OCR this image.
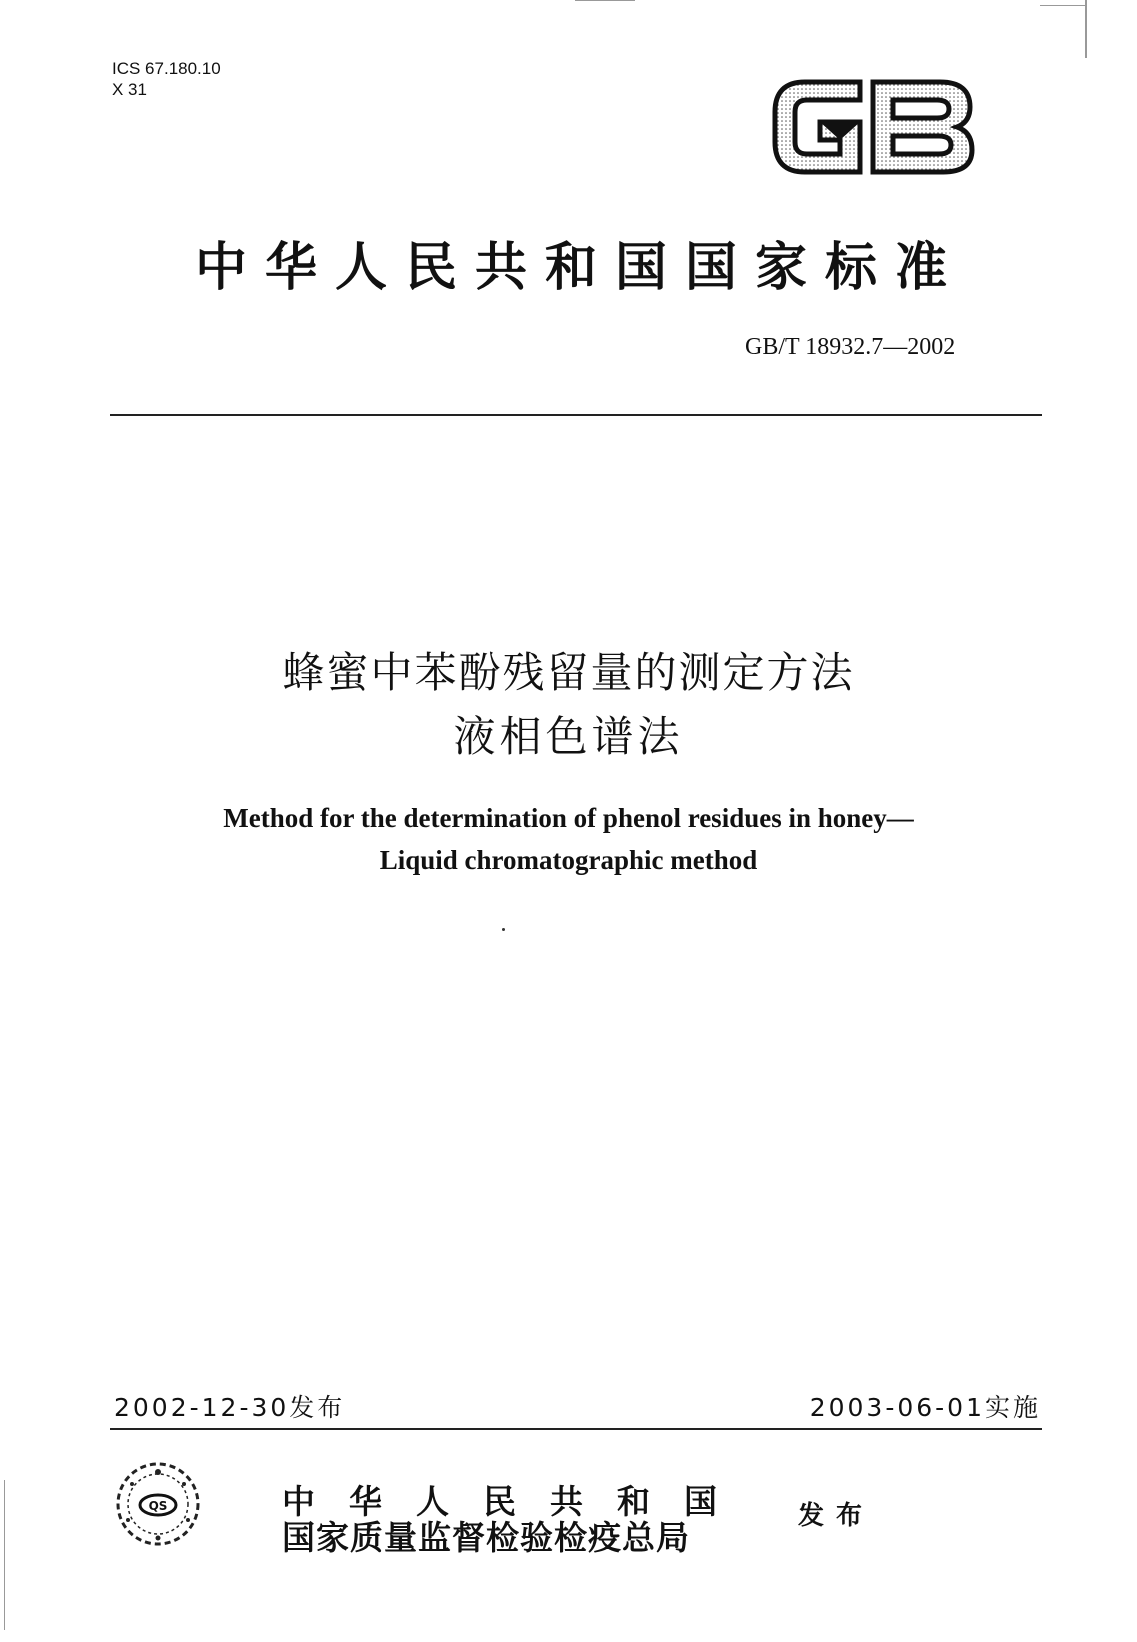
ICS 67.180.10
X 31
中华人民共和国国家标准
GB/T 18932.7—2002
蜂蜜中苯酚残留量的测定方法
液相色谱法
Method for the determination of phenol residues in honey—
Liquid chromatographic method
2002-12-30发布	2003-06-01实施
QS	中华人民共和国
国家质量监督检验检疫总局
发布
